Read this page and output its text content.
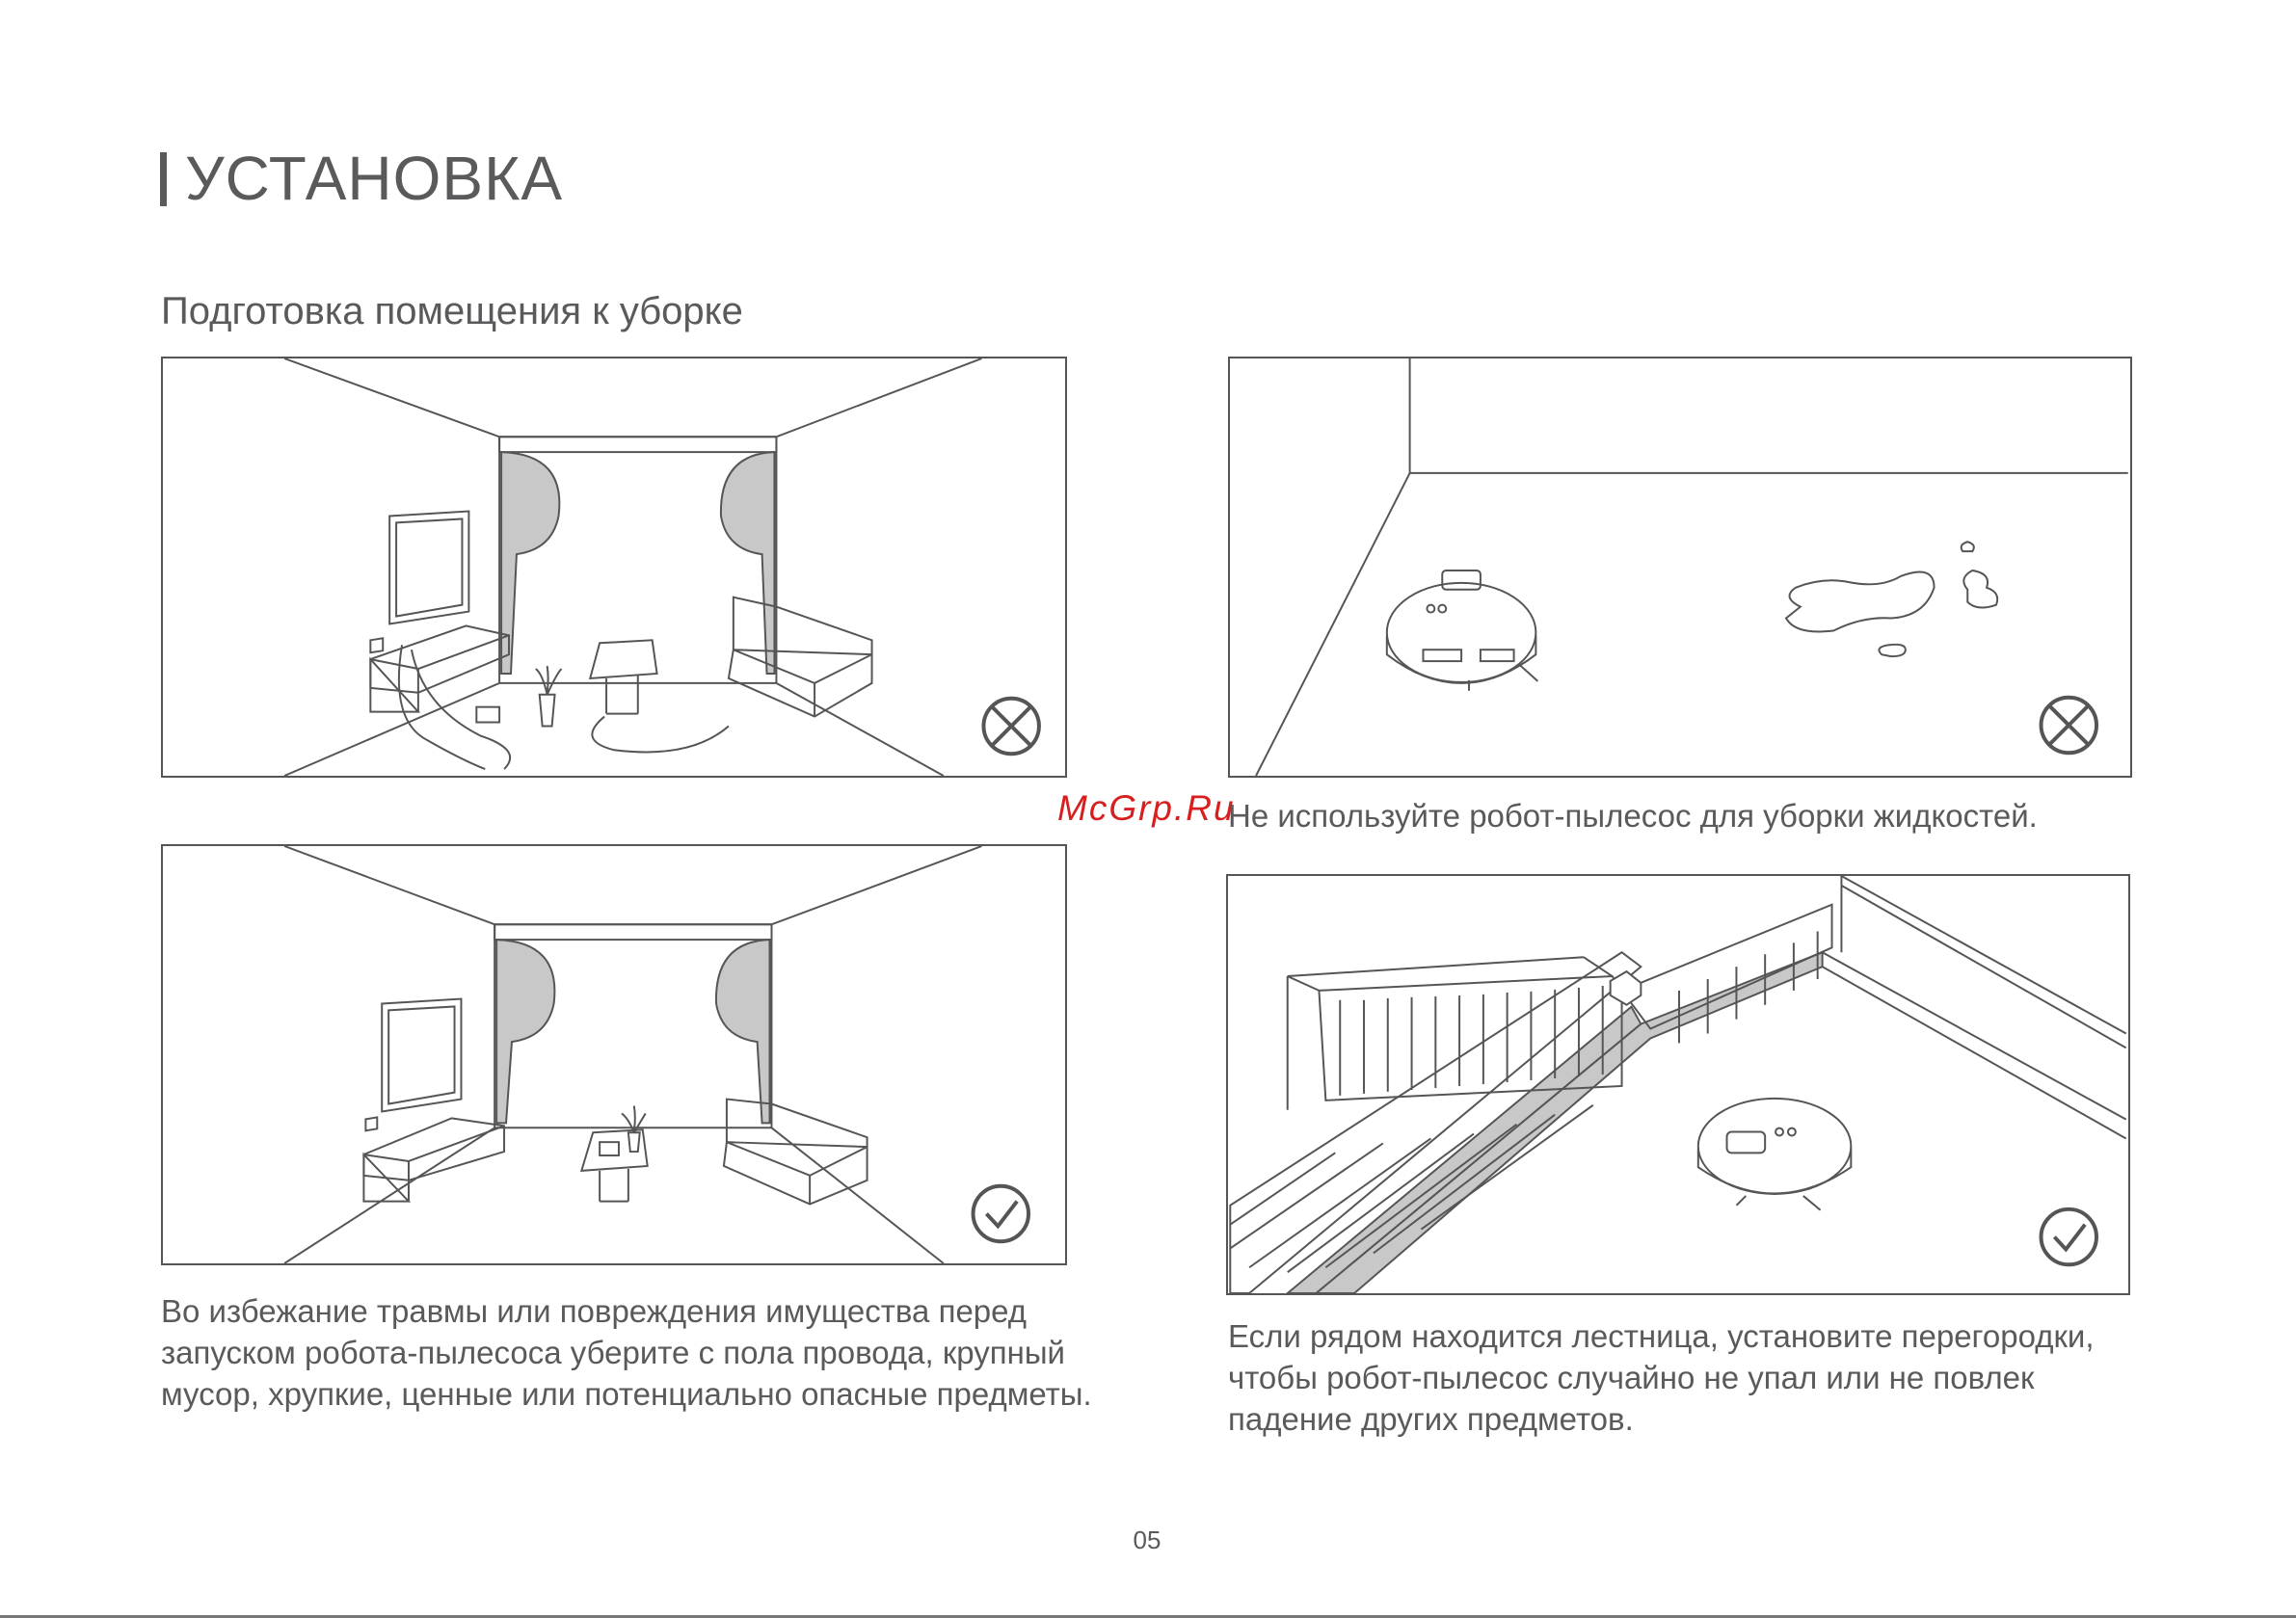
УСТАНОВКА
Подготовка помещения к уборке
McGrp.Ru
Не используйте робот-пылесос для уборки жидкостей.
Во избежание травмы или повреждения имущества перед запуском робота-пылесоса уберите с пола провода, крупный мусор, хрупкие, ценные или потенциально опасные предметы.
Если рядом находится лестница, установите перегородки, чтобы робот-пылесос случайно не упал или не повлек падение других предметов.
05
